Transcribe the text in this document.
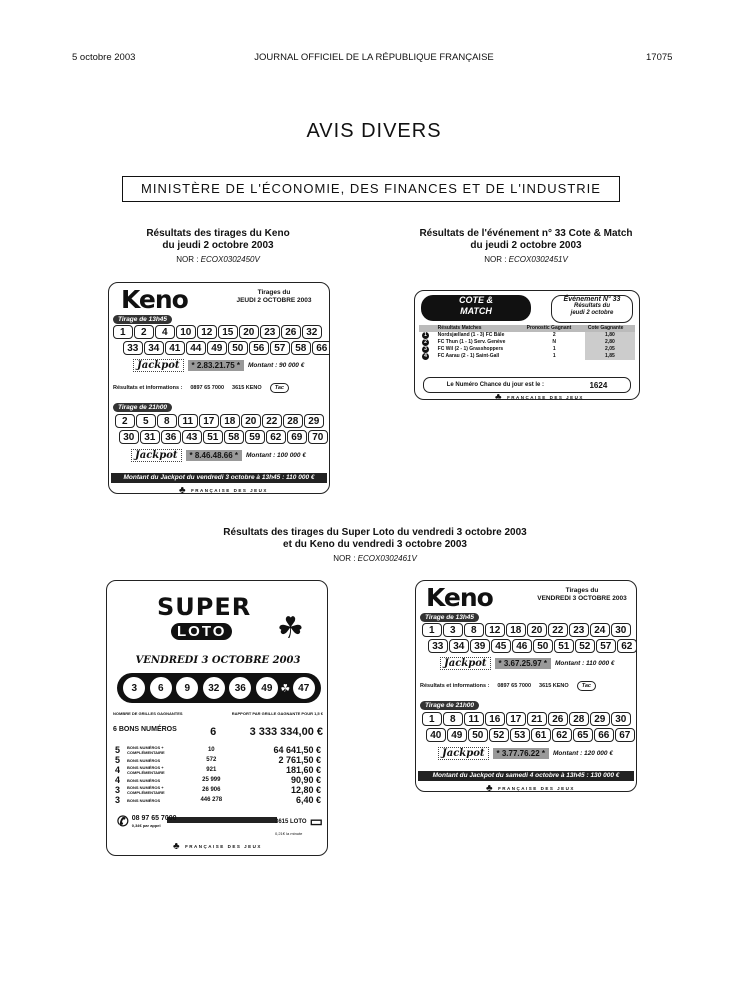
5 octobre 2003	JOURNAL OFFICIEL DE LA RÉPUBLIQUE FRANÇAISE	17075
AVIS DIVERS
MINISTÈRE DE L'ÉCONOMIE, DES FINANCES ET DE L'INDUSTRIE
Résultats des tirages du Keno
du jeudi 2 octobre 2003
NOR : ECOX0302450V
Résultats de l'événement n° 33 Cote & Match
du jeudi 2 octobre 2003
NOR : ECOX0302451V
Keno	Tirages du
JEUDI 2 OCTOBRE 2003
Tirage de 13h45
1	2	4	10 12 15 20 23 26 32
33 34 41 44 49 50 56 57 58 66
Jackpot	* 2.83.21.75 *	Montant : 90 000 €
Résultats et informations : 0897 65 7000 3615 KENO	Tac
Tirage de 21h00
2	5	8	11	17 18 20 22 28 29
30 31 36 43 51 58 59 62 69 70
Jackpot	* 8.46.48.66 *	Montant : 100 000 €
Montant du Jackpot du vendredi 3 octobre à 13h45 : 110 000 €
♣ FRANÇAISE DES JEUX
COTE &
MATCH
Événement N° 33
Résultats du
jeudi 2 octobre
	Résultats Matches	Pronostic Gagnant	Cote Gagnante
1	Nordsjælland (1 - 3) FC Bâle	2	1,80
2	FC Thun (1 - 1) Serv. Genève	N	2,80
3	FC Wil (2 - 1) Grasshoppers	1	2,05
4	FC Aarau (2 - 1) Saint-Gall	1	1,85
Le Numéro Chance du jour est le :	1624
♣ FRANÇAISE DES JEUX
Résultats des tirages du Super Loto du vendredi 3 octobre 2003
et du Keno du vendredi 3 octobre 2003
NOR : ECOX0302461V
SUPER
LOTO ☘
VENDREDI 3 OCTOBRE 2003
3	6	9	32	36	49 ☘ 47
NOMBRE DE GRILLES GAGNANTES	RAPPORT PAR GRILLE GAGNANTE POUR 1,5 €
6 BONS NUMÉROS	6	3 333 334,00 €
5	BONS NUMÉROS + COMPLÉMENTAIRE	10	64 641,50 €
5	BONS NUMÉROS	572	2 761,50 €
4	BONS NUMÉROS + COMPLÉMENTAIRE	921	181,60 €
4	BONS NUMÉROS	25 999	90,90 €
3	BONS NUMÉROS + COMPLÉMENTAIRE	26 906	12,80 €
3	BONS NUMÉROS	446 278	6,40 €
✆ 08 97 65 7000
0,34€ par appel
3615 LOTO ▭
0,21€ la minute
♣ FRANÇAISE DES JEUX
Keno	Tirages du
VENDREDI 3 OCTOBRE 2003
Tirage de 13h45
1	3	8	12 18 20 22 23 24 30
33 34 39 45 46 50 51 52 57 62
Jackpot	* 3.67.25.97 *	Montant : 110 000 €
Résultats et informations : 0897 65 7000 3615 KENO	Tac
Tirage de 21h00
1	8	11	16 17 21 26 28 29 30
40 49 50 52 53 61 62 65 66 67
Jackpot	* 3.77.76.22 *	Montant : 120 000 €
Montant du Jackpot du samedi 4 octobre à 13h45 : 130 000 €
♣ FRANÇAISE DES JEUX
